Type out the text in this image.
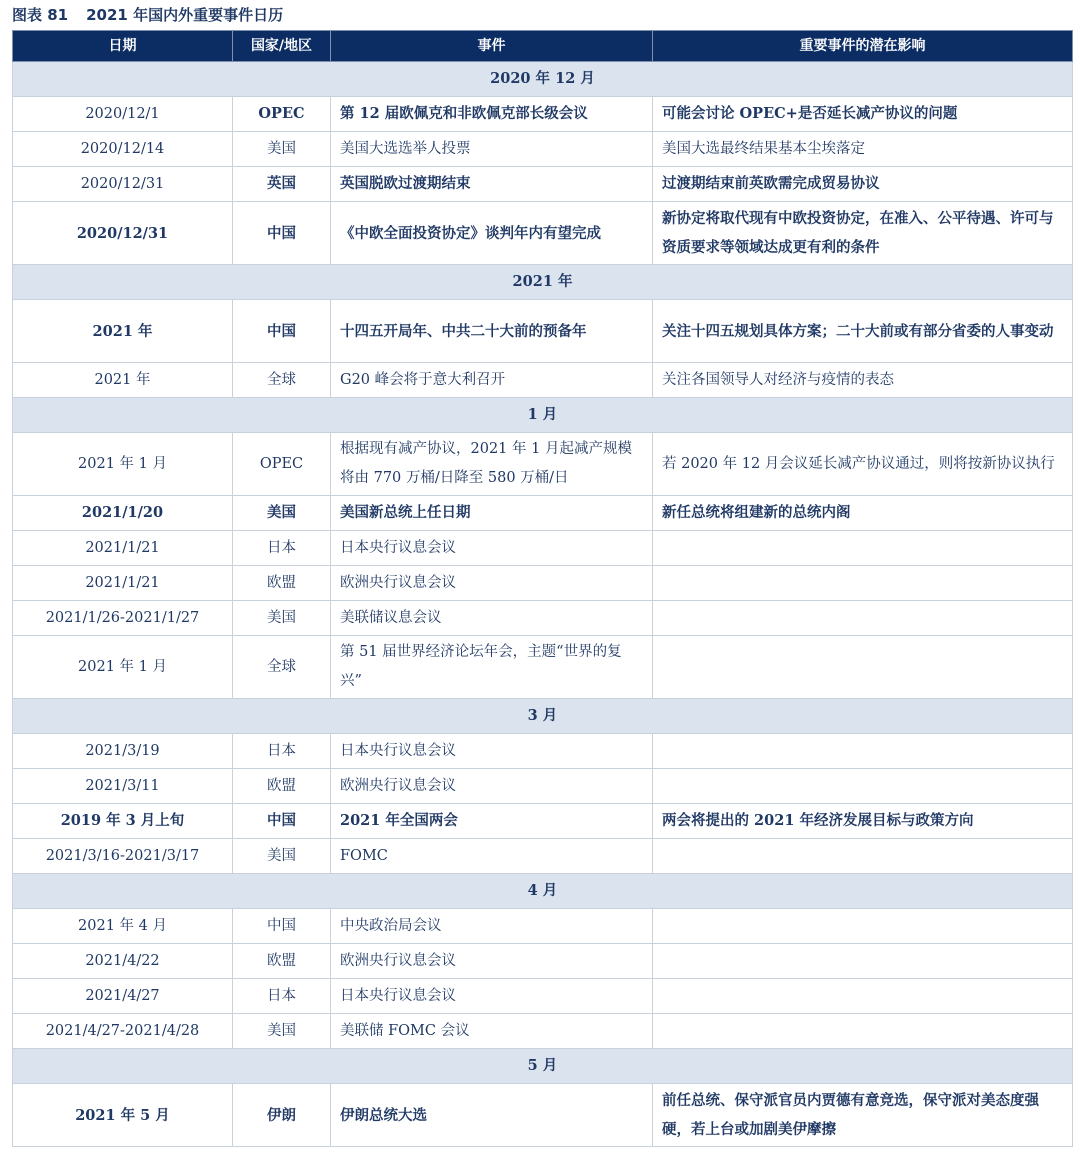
图表 81 2021 年国内外重要事件日历
日期	国家/地区	事件	重要事件的潜在影响
2020 年 12 月			
2020/12/1	OPEC	第 12 届欧佩克和非欧佩克部长级会议	可能会讨论 OPEC+是否延长减产协议的问题
2020/12/14	美国	美国大选选举人投票	美国大选最终结果基本尘埃落定
2020/12/31	英国	英国脱欧过渡期结束	过渡期结束前英欧需完成贸易协议
2020/12/31	中国	《中欧全面投资协定》谈判年内有望完成	新协定将取代现有中欧投资协定，在准入、公平待遇、许可与资质要求等领域达成更有利的条件
2021 年			
2021 年	中国	十四五开局年、中共二十大前的预备年	关注十四五规划具体方案；二十大前或有部分省委的人事变动
2021 年	全球	G20 峰会将于意大利召开	关注各国领导人对经济与疫情的表态
1 月			
2021 年 1 月	OPEC	根据现有减产协议，2021 年 1 月起减产规模将由 770 万桶/日降至 580 万桶/日	若 2020 年 12 月会议延长减产协议通过，则将按新协议执行
2021/1/20	美国	美国新总统上任日期	新任总统将组建新的总统内阁
2021/1/21	日本	日本央行议息会议	
2021/1/21	欧盟	欧洲央行议息会议	
2021/1/26-2021/1/27	美国	美联储议息会议	
2021 年 1 月	全球	第 51 届世界经济论坛年会，主题“世界的复兴”	
3 月			
2021/3/19	日本	日本央行议息会议	
2021/3/11	欧盟	欧洲央行议息会议	
2019 年 3 月上旬	中国	2021 年全国两会	两会将提出的 2021 年经济发展目标与政策方向
2021/3/16-2021/3/17	美国	FOMC	
4 月			
2021 年 4 月	中国	中央政治局会议	
2021/4/22	欧盟	欧洲央行议息会议	
2021/4/27	日本	日本央行议息会议	
2021/4/27-2021/4/28	美国	美联储 FOMC 会议	
5 月			
2021 年 5 月	伊朗	伊朗总统大选	前任总统、保守派官员内贾德有意竞选，保守派对美态度强硬，若上台或加剧美伊摩擦
